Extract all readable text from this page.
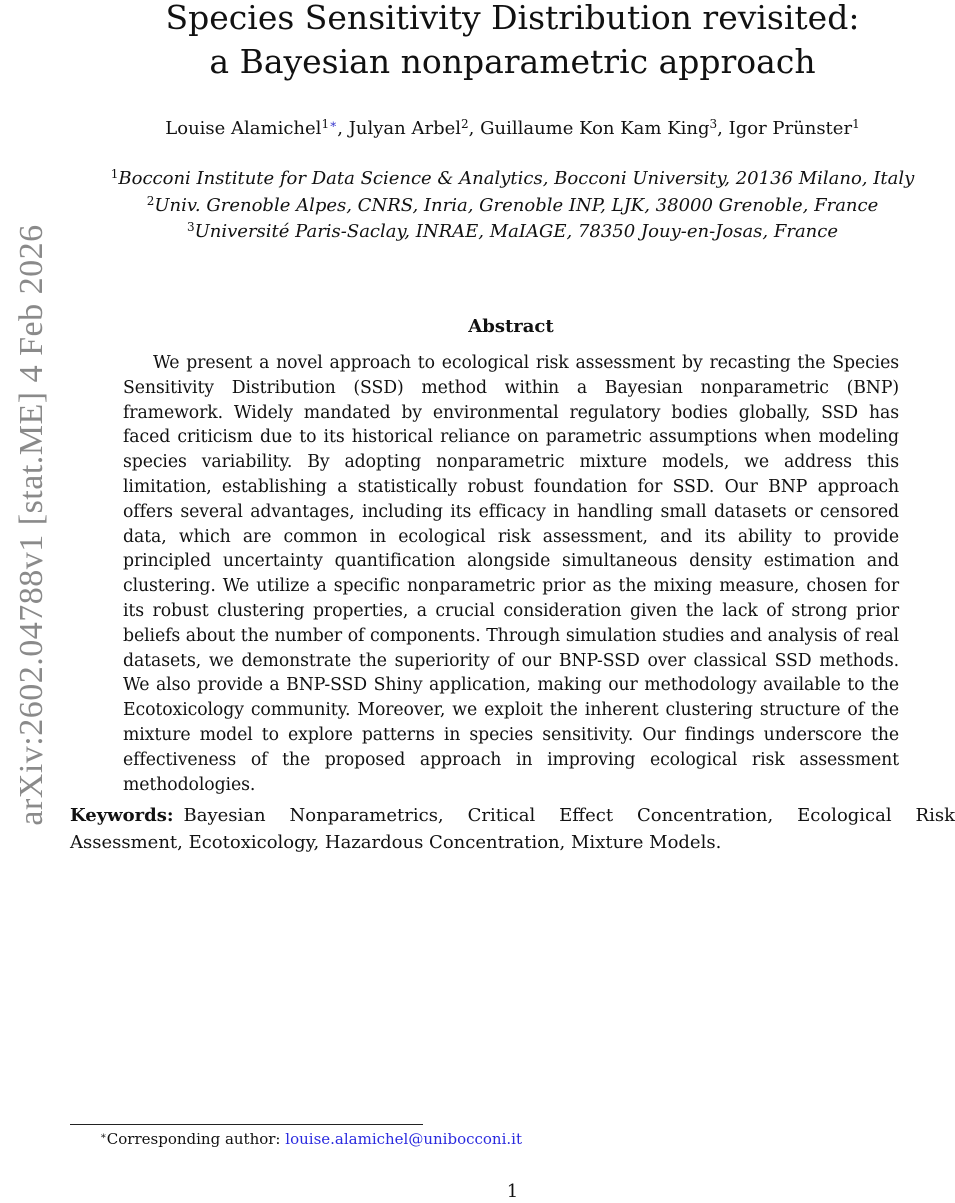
arXiv:2602.04788v1 [stat.ME] 4 Feb 2026
Species Sensitivity Distribution revisited:
a Bayesian nonparametric approach
Louise Alamichel$^{1∗}$, Julyan Arbel$^2$, Guillaume Kon Kam King$^3$, Igor Prünster$^1$
$^1$Bocconi Institute for Data Science & Analytics, Bocconi University, 20136 Milano, Italy
$^2$Univ. Grenoble Alpes, CNRS, Inria, Grenoble INP, LJK, 38000 Grenoble, France
$^3$Université Paris-Saclay, INRAE, MaIAGE, 78350 Jouy-en-Josas, France
Abstract

We present a novel approach to ecological risk assessment by recasting the Species Sensitivity Distribution (SSD) method within a Bayesian nonparametric (BNP) framework. Widely mandated by environmental regulatory bodies globally, SSD has faced criticism due to its historical reliance on parametric assumptions when modeling species variability. By adopting nonparametric mixture models, we address this limitation, establishing a statistically robust foundation for SSD. Our BNP approach offers several advantages, including its efficacy in handling small datasets or censored data, which are common in ecological risk assessment, and its ability to provide principled uncertainty quantification alongside simultaneous density estimation and clustering. We utilize a specific nonparametric prior as the mixing measure, chosen for its robust clustering properties, a crucial consideration given the lack of strong prior beliefs about the number of components. Through simulation studies and analysis of real datasets, we demonstrate the superiority of our BNP-SSD over classical SSD methods. We also provide a BNP-SSD Shiny application, making our methodology available to the Ecotoxicology community. Moreover, we exploit the inherent clustering structure of the mixture model to explore patterns in species sensitivity. Our findings underscore the effectiveness of the proposed approach in improving ecological risk assessment methodologies.

Keywords: Bayesian Nonparametrics, Critical Effect Concentration, Ecological Risk Assessment, Ecotoxicology, Hazardous Concentration, Mixture Models.

∗Corresponding author: louise.alamichel@unibocconi.it
1
